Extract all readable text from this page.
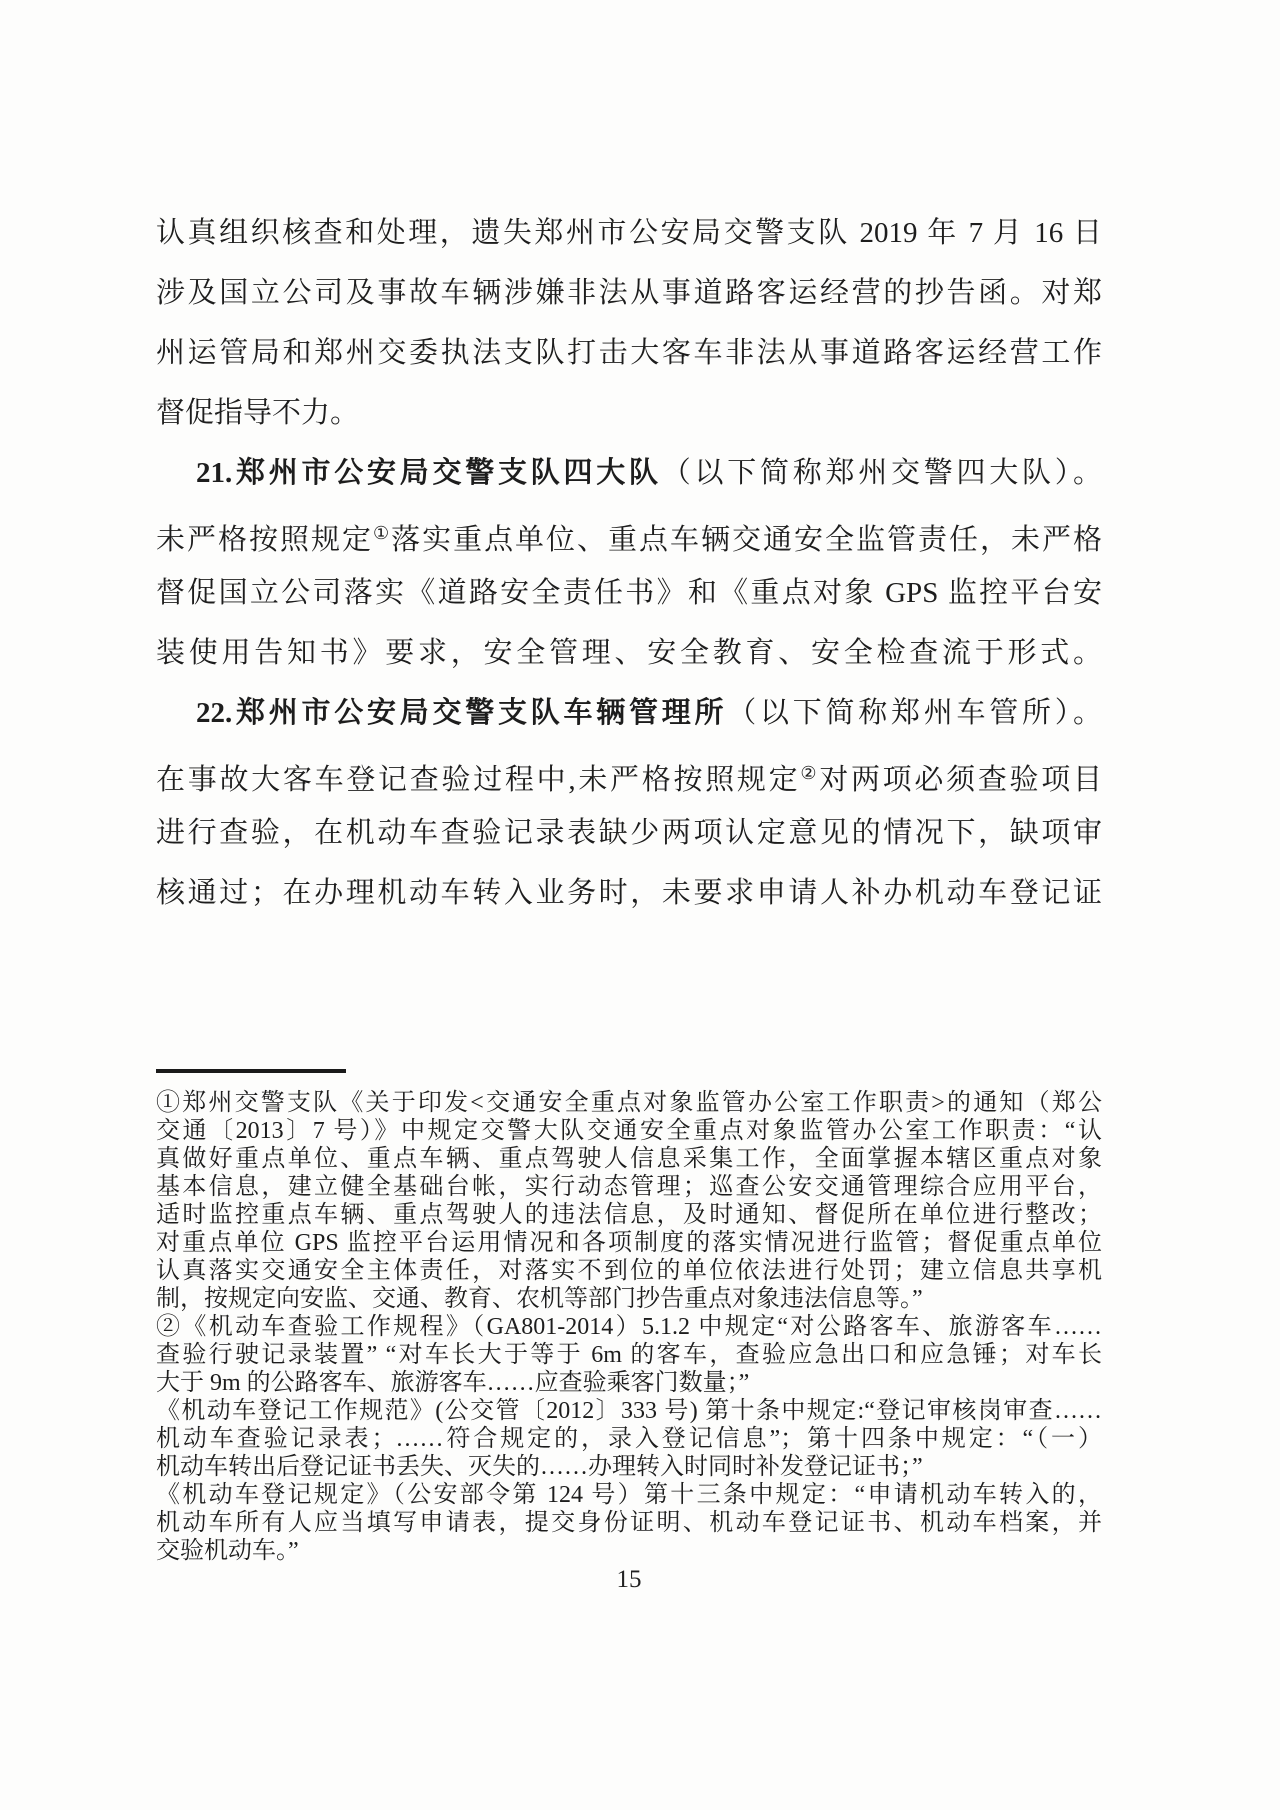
认真组织核查和处理，遗失郑州市公安局交警支队 2019 年 7 月 16 日
涉及国立公司及事故车辆涉嫌非法从事道路客运经营的抄告函。对郑
州运管局和郑州交委执法支队打击大客车非法从事道路客运经营工作
督促指导不力。
21.郑州市公安局交警支队四大队（以下简称郑州交警四大队）。
未严格按照规定①落实重点单位、重点车辆交通安全监管责任，未严格
督促国立公司落实《道路安全责任书》和《重点对象 GPS 监控平台安
装使用告知书》要求，安全管理、安全教育、安全检查流于形式。
22.郑州市公安局交警支队车辆管理所（以下简称郑州车管所）。
在事故大客车登记查验过程中,未严格按照规定②对两项必须查验项目
进行查验，在机动车查验记录表缺少两项认定意见的情况下，缺项审
核通过；在办理机动车转入业务时，未要求申请人补办机动车登记证
①郑州交警支队《关于印发<交通安全重点对象监管办公室工作职责>的通知（郑公
交通〔2013〕7 号）》中规定交警大队交通安全重点对象监管办公室工作职责：“认
真做好重点单位、重点车辆、重点驾驶人信息采集工作，全面掌握本辖区重点对象
基本信息，建立健全基础台帐，实行动态管理；巡查公安交通管理综合应用平台，
适时监控重点车辆、重点驾驶人的违法信息，及时通知、督促所在单位进行整改；
对重点单位 GPS 监控平台运用情况和各项制度的落实情况进行监管；督促重点单位
认真落实交通安全主体责任，对落实不到位的单位依法进行处罚；建立信息共享机
制，按规定向安监、交通、教育、农机等部门抄告重点对象违法信息等。”
②《机动车查验工作规程》（GA801-2014）5.1.2 中规定“对公路客车、旅游客车……
查验行驶记录装置” “对车长大于等于 6m 的客车，查验应急出口和应急锤；对车长
大于 9m 的公路客车、旅游客车……应查验乘客门数量；”
《机动车登记工作规范》(公交管〔2012〕333 号) 第十条中规定:“登记审核岗审查……
机动车查验记录表；……符合规定的，录入登记信息”；第十四条中规定：“（一）
机动车转出后登记证书丢失、灭失的……办理转入时同时补发登记证书；”
《机动车登记规定》（公安部令第 124 号）第十三条中规定：“申请机动车转入的，
机动车所有人应当填写申请表，提交身份证明、机动车登记证书、机动车档案，并
交验机动车。”
15
